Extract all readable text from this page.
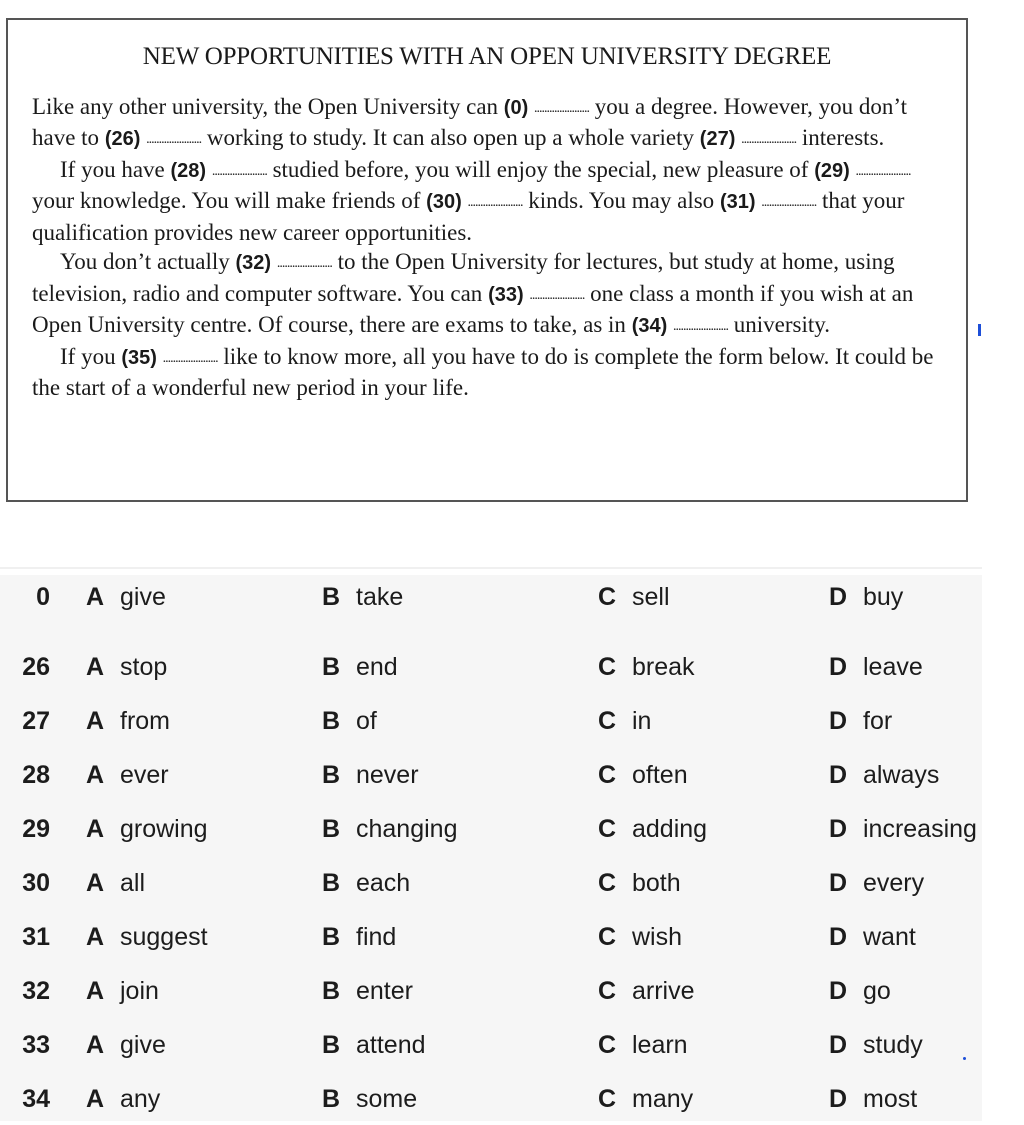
NEW OPPORTUNITIES WITH AN OPEN UNIVERSITY DEGREE

Like any other university, the Open University can (0) ...................... you a degree. However, you don’t have to (26) ...................... working to study. It can also open up a whole variety (27) ...................... interests.

If you have (28) ...................... studied before, you will enjoy the special, new pleasure of (29) ...................... your knowledge. You will make friends of (30) ...................... kinds. You may also (31) ...................... that your qualification provides new career opportunities.

You don’t actually (32) ...................... to the Open University for lectures, but study at home, using television, radio and computer software. You can (33) ...................... one class a month if you wish at an Open University centre. Of course, there are exams to take, as in (34) ...................... university.

If you (35) ...................... like to know more, all you have to do is complete the form below. It could be the start of a wonderful new period in your life.

0 A give	B take	C sell	D buy
26 A stop	B end	C break	D leave
27 A from	B of	C in	D for
28 A ever	B never	C often	D always
29 A growing	B changing	C adding	D increasing
30 A all	B each	C both	D every
31 A suggest	B find	C wish	D want
32 A join	B enter	C arrive	D go
33 A give	B attend	C learn	D study
34 A any	B some	C many	D most
